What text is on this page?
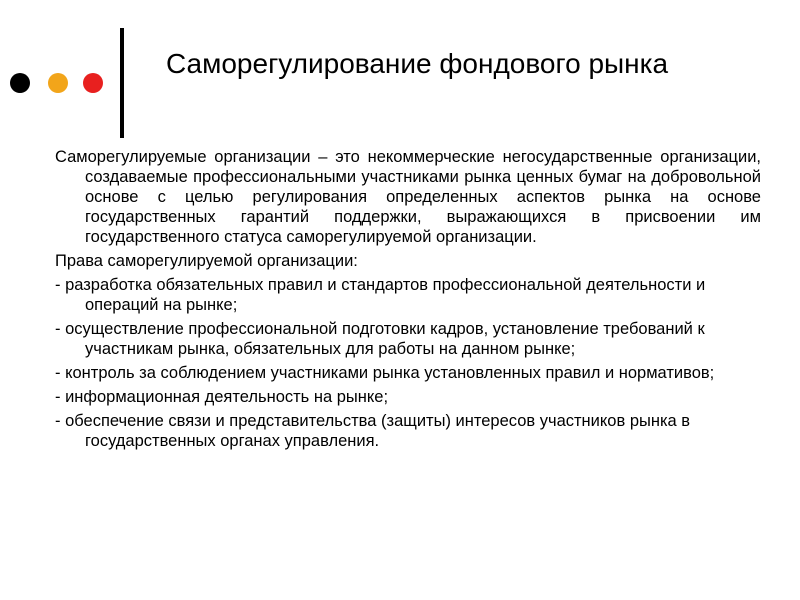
Саморегулирование фондового рынка

Саморегулируемые организации – это некоммерческие негосударственные организации, создаваемые профессиональными участниками рынка ценных бумаг на добровольной основе с целью регулирования определенных аспектов рынка на основе государственных гарантий поддержки, выражающихся в присвоении им государственного статуса саморегулируемой организации.

Права саморегулируемой организации:

- разработка обязательных правил и стандартов профессиональной деятельности и операций на рынке;

- осуществление профессиональной подготовки кадров, установление требований к участникам рынка, обязательных для работы на данном рынке;

- контроль за соблюдением участниками рынка установленных правил и нормативов;

- информационная деятельность на рынке;

- обеспечение связи и представительства (защиты) интересов участников рынка в государственных органах управления.
